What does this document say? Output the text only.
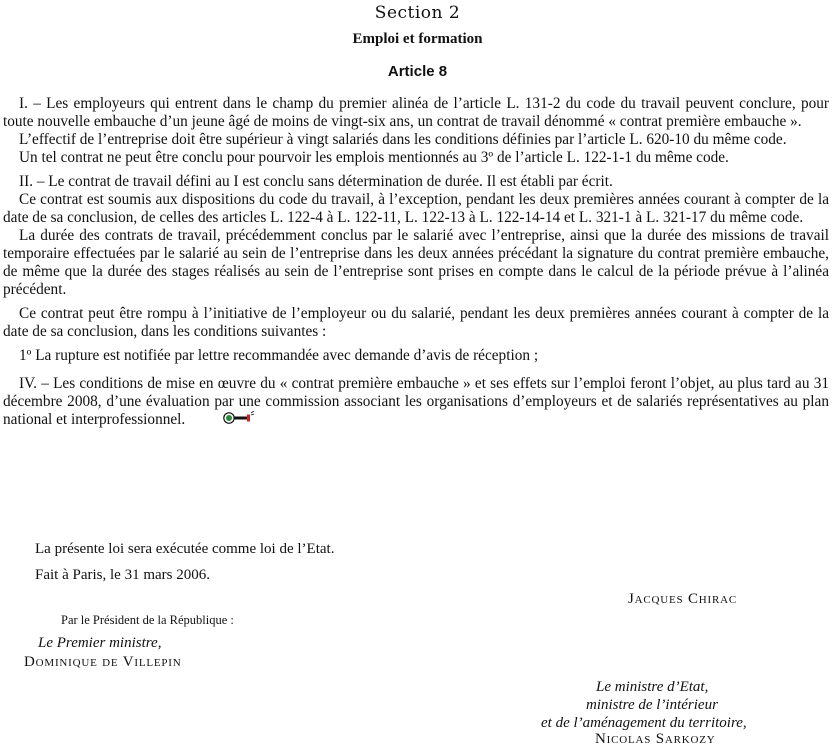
Section 2
Emploi et formation
Article 8

I. – Les employeurs qui entrent dans le champ du premier alinéa de l’article L. 131-2 du code du travail peuvent conclure, pour toute nouvelle embauche d’un jeune âgé de moins de vingt-six ans, un contrat de travail dénommé « contrat première embauche ».

L’effectif de l’entreprise doit être supérieur à vingt salariés dans les conditions définies par l’article L. 620-10 du même code.

Un tel contrat ne peut être conclu pour pourvoir les emplois mentionnés au 3º de l’article L. 122-1-1 du même code.

II. – Le contrat de travail défini au I est conclu sans détermination de durée. Il est établi par écrit.

Ce contrat est soumis aux dispositions du code du travail, à l’exception, pendant les deux premières années courant à compter de la date de sa conclusion, de celles des articles L. 122-4 à L. 122-11, L. 122-13 à L. 122-14-14 et L. 321-1 à L. 321-17 du même code.

La durée des contrats de travail, précédemment conclus par le salarié avec l’entreprise, ainsi que la durée des missions de travail temporaire effectuées par le salarié au sein de l’entreprise dans les deux années précédant la signature du contrat première embauche, de même que la durée des stages réalisés au sein de l’entreprise sont prises en compte dans le calcul de la période prévue à l’alinéa précédent.

Ce contrat peut être rompu à l’initiative de l’employeur ou du salarié, pendant les deux premières années courant à compter de la date de sa conclusion, dans les conditions suivantes :

1º La rupture est notifiée par lettre recommandée avec demande d’avis de réception ;

IV. – Les conditions de mise en œuvre du « contrat première embauche » et ses effets sur l’emploi feront l’objet, au plus tard au 31 décembre 2008, d’une évaluation par une commission associant les organisations d’employeurs et de salariés représentatives au plan national et interprofessionnel.

La présente loi sera exécutée comme loi de l’Etat.
Fait à Paris, le 31 mars 2006.
Jacques Chirac
Par le Président de la République :
Le Premier ministre,
Dominique de Villepin
Le ministre d’Etat,
ministre de l’intérieur
et de l’aménagement du territoire,
Nicolas Sarkozy
